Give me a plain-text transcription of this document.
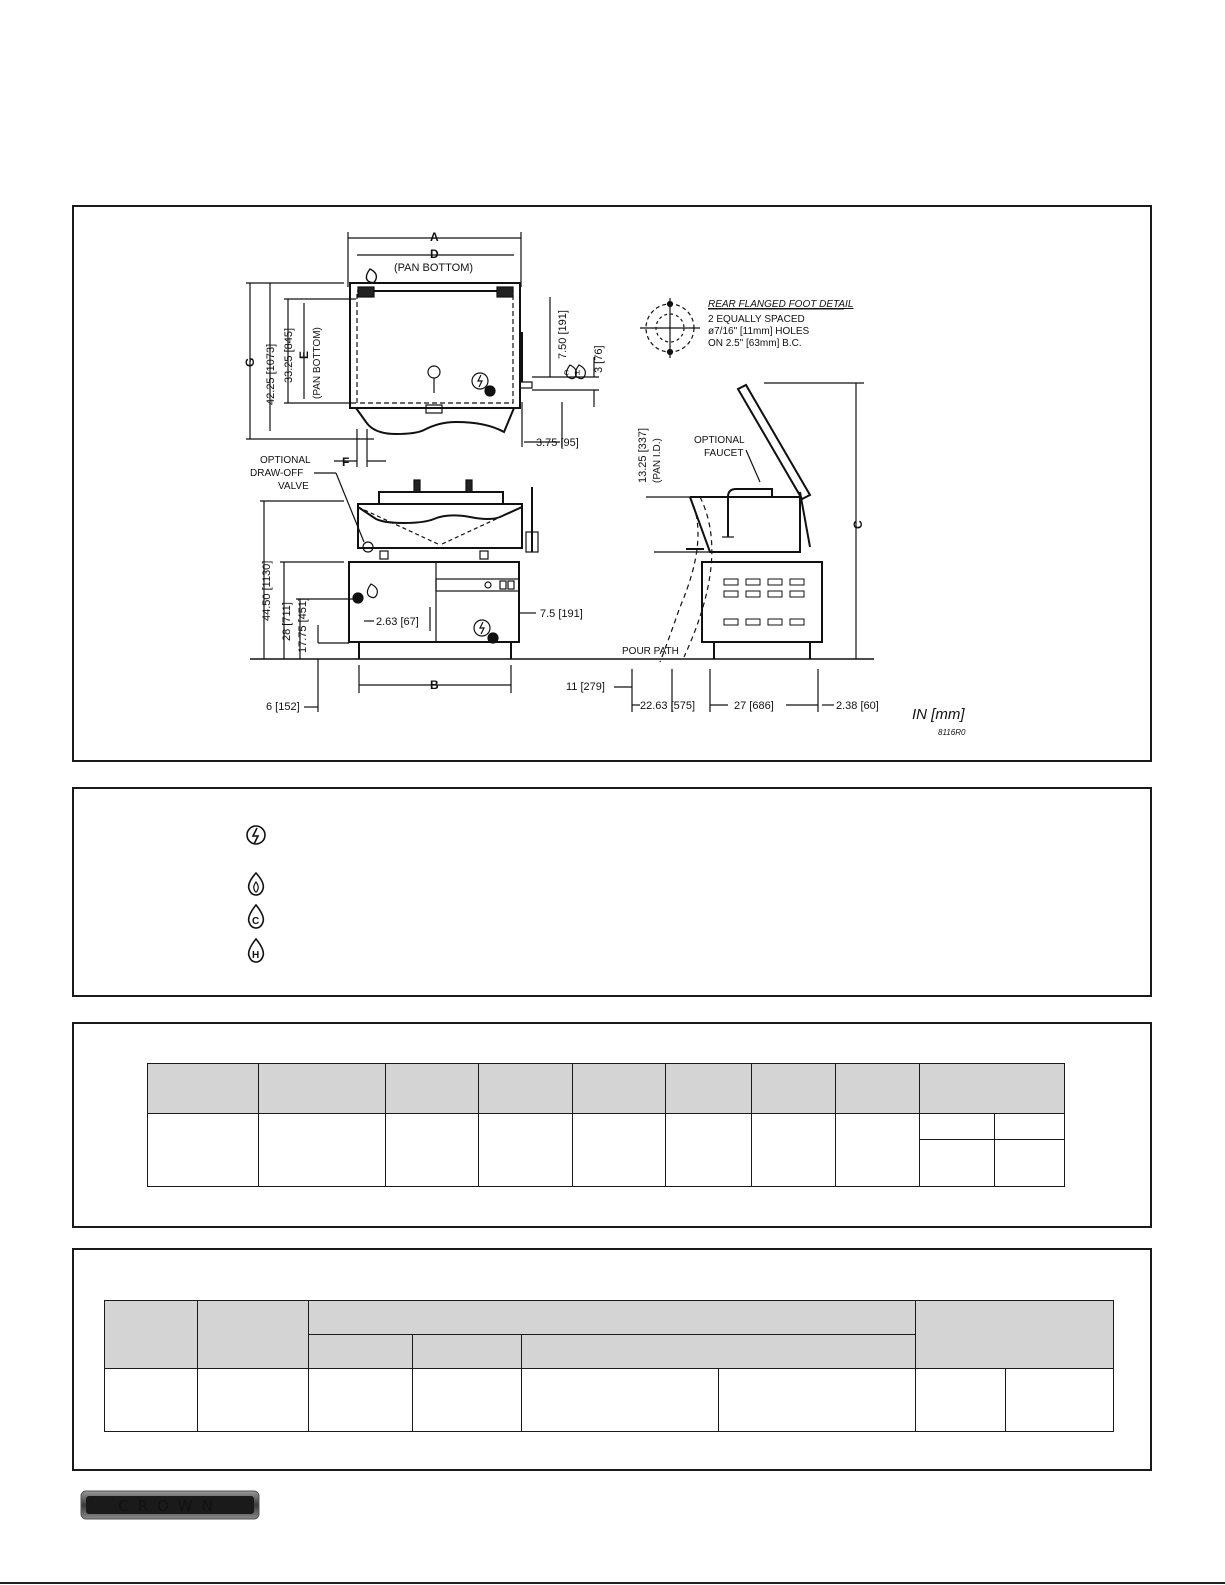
A
D
(PAN BOTTOM)
C H
G 42.25 [1073] 33.25 [845] E (PAN BOTTOM)
F
7.50 [191]
3 [76]
3.75 [95]
REAR FLANGED FOOT DETAIL
2 EQUALLY SPACED
ø7/16" [11mm] HOLES
ON 2.5" [63mm] B.C.
OPTIONAL
DRAW-OFF
VALVE
44.50 [1130]
28 [711] 17.75 [451]
6 [152]
2.63 [67]
7.5 [191]
B
13.25 [337] (PAN I.D.)	OPTIONAL
FAUCET
C
POUR PATH
11 [279]
22.63 [575]	27 [686]	2.38 [60] IN [mm]
8116R0
C
H

CROWN
